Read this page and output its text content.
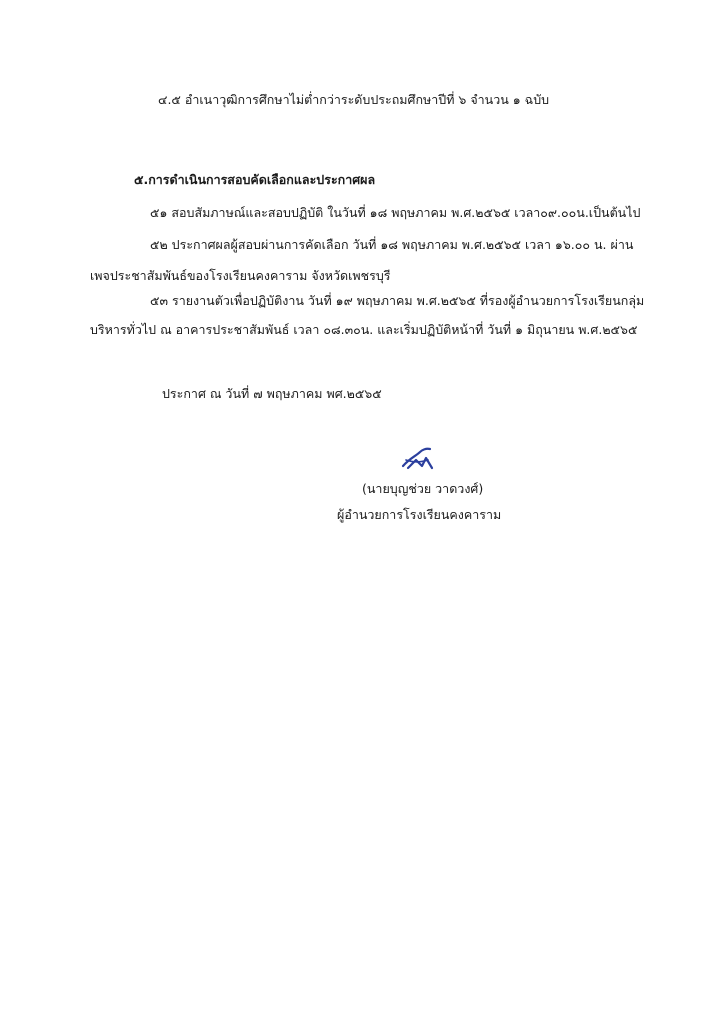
๔.๕ อำเนาวุฒิการศึกษาไม่ต่ำกว่าระดับประถมศึกษาปีที่ ๖ จำนวน ๑ ฉบับ
๕.การดำเนินการสอบคัดเลือกและประกาศผล
๕๑ สอบสัมภาษณ์และสอบปฏิบัติ ในวันที่ ๑๘ พฤษภาคม พ.ศ.๒๕๖๕ เวลา๐๙.๐๐น.เป็นต้นไป
๕๒ ประกาศผลผู้สอบผ่านการคัดเลือก วันที่ ๑๘ พฤษภาคม พ.ศ.๒๕๖๕ เวลา ๑๖.๐๐ น. ผ่าน
เพจประชาสัมพันธ์ของโรงเรียนคงคาราม จังหวัดเพชรบุรี
๕๓ รายงานตัวเพื่อปฏิบัติงาน วันที่ ๑๙ พฤษภาคม พ.ศ.๒๕๖๕ ที่รองผู้อำนวยการโรงเรียนกลุ่ม
บริหารทั่วไป ณ อาคารประชาสัมพันธ์ เวลา ๐๘.๓๐น. และเริ่มปฏิบัติหน้าที่ วันที่ ๑ มิถุนายน พ.ศ.๒๕๖๕
ประกาศ ณ วันที่ ๗ พฤษภาคม พศ.๒๕๖๕
(นายบุญช่วย วาดวงศ์)
ผู้อำนวยการโรงเรียนคงคาราม
